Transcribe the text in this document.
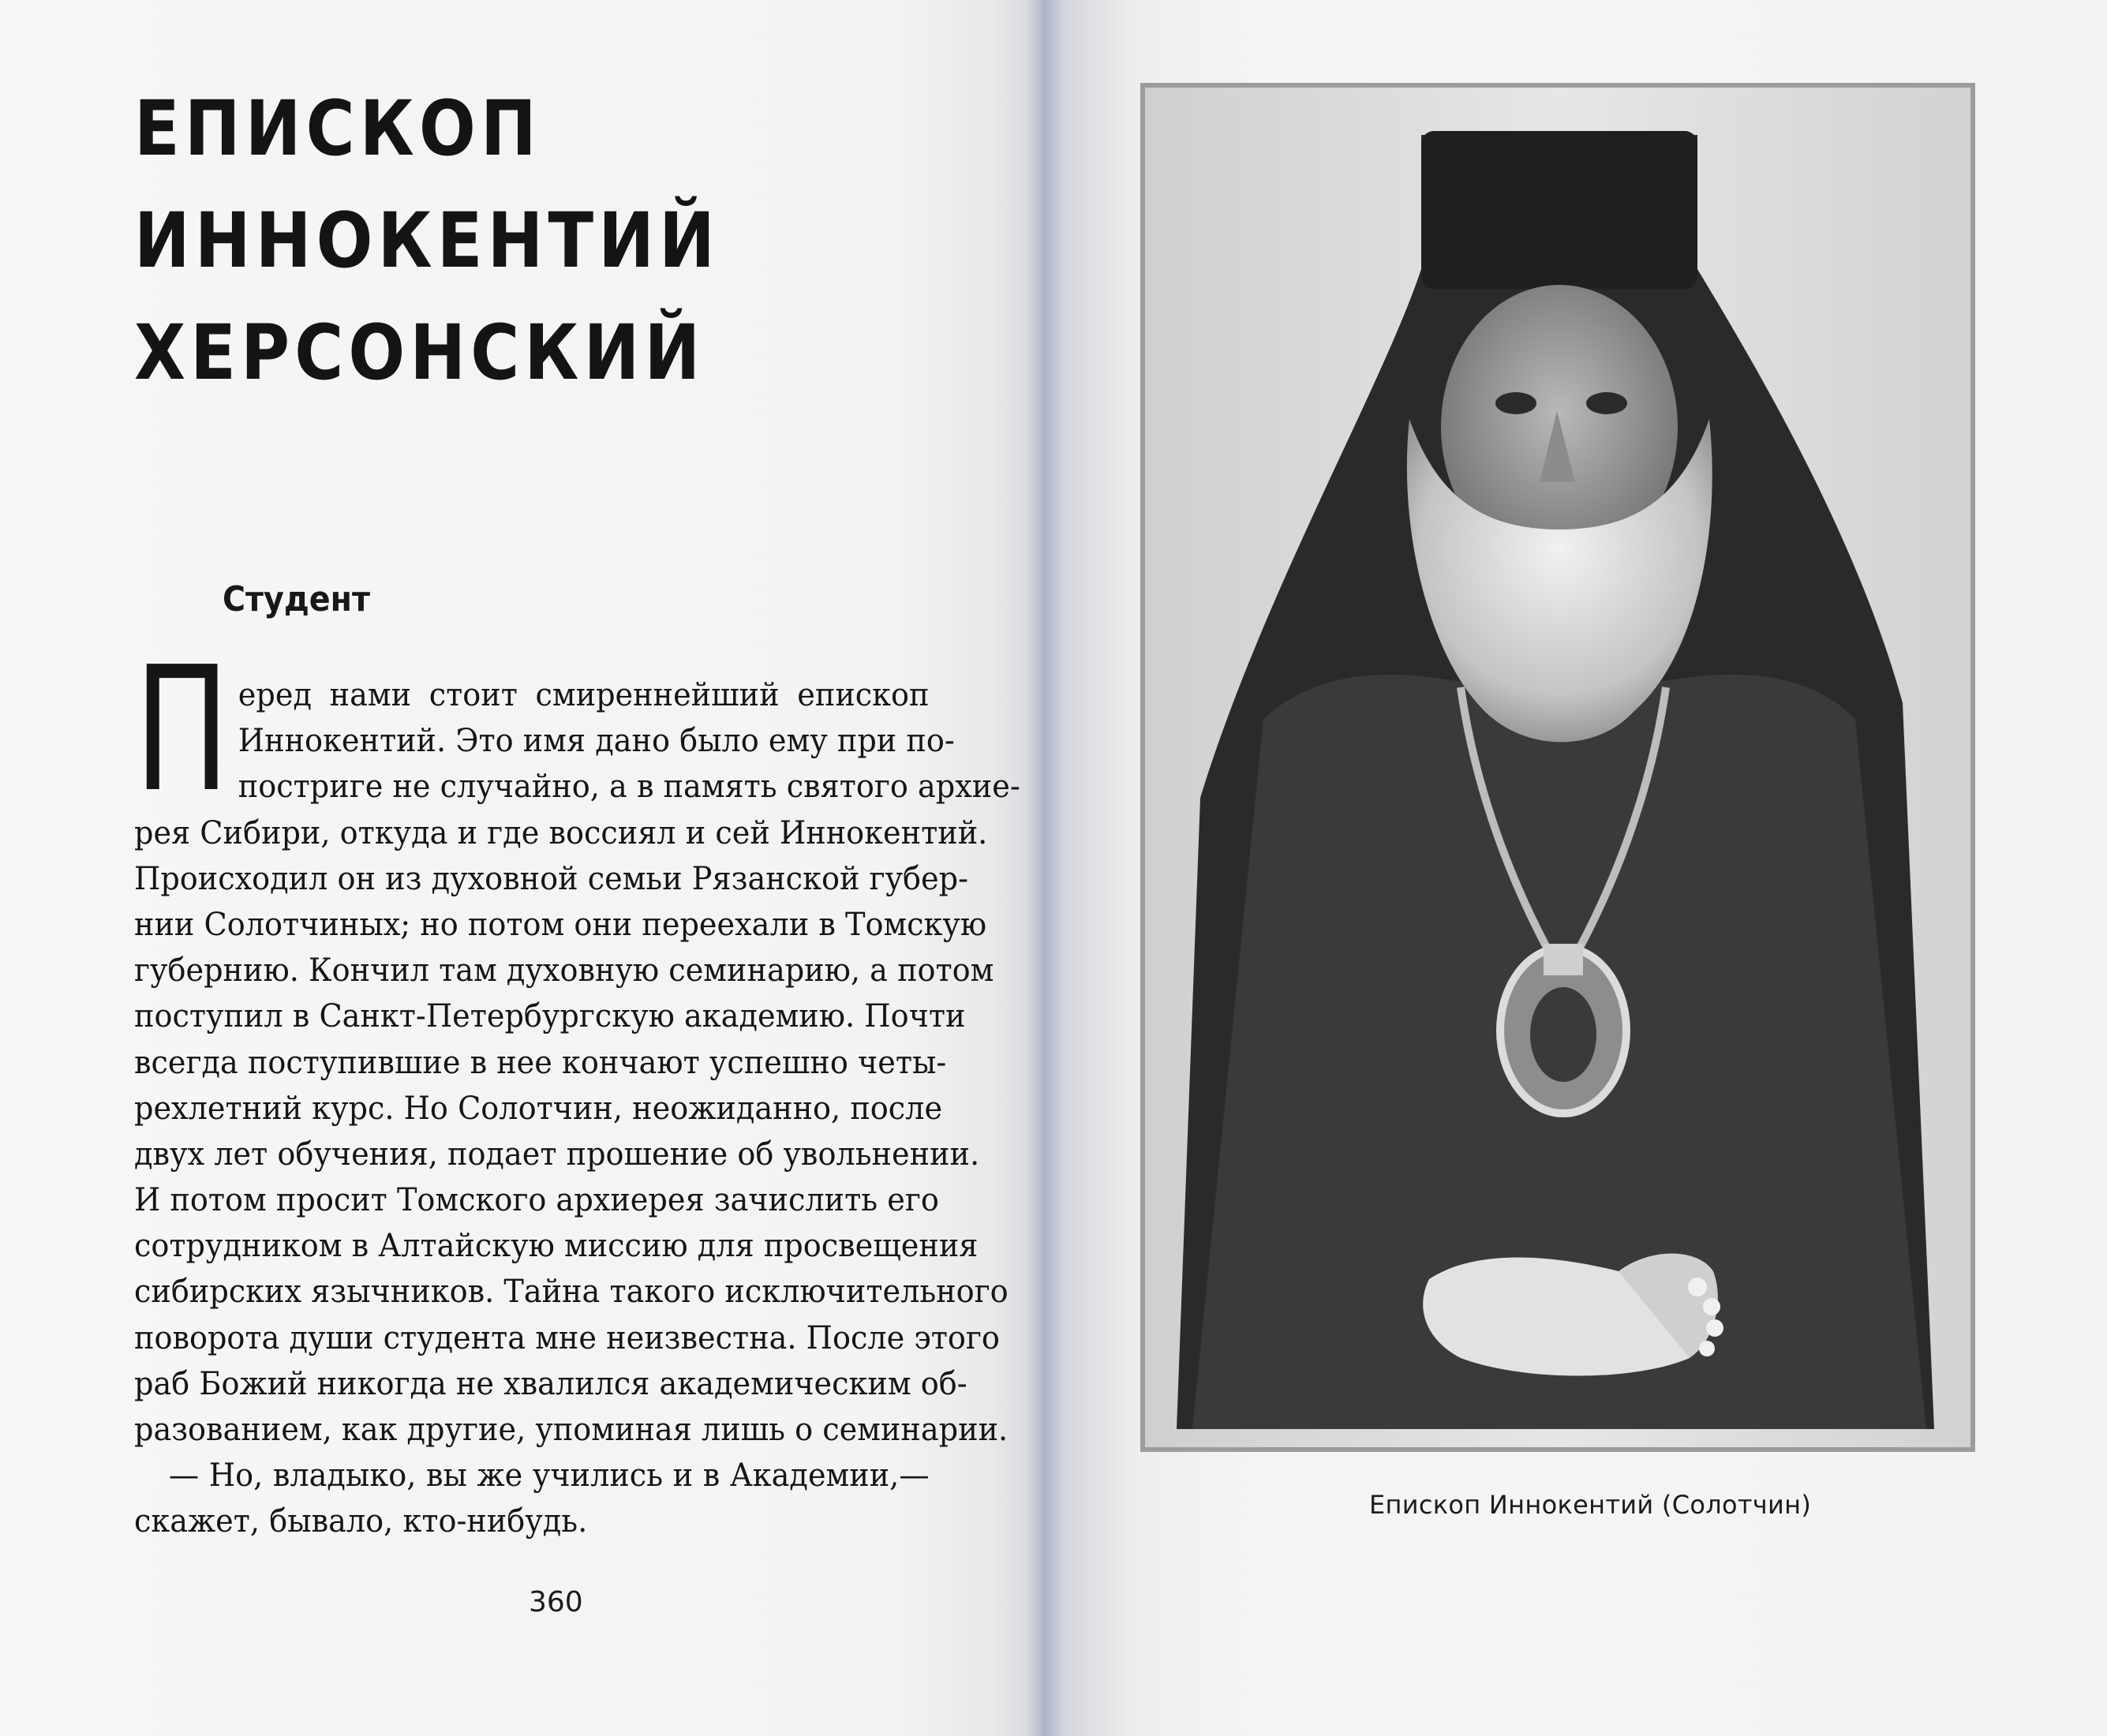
ЕПИСКОП ИННОКЕНТИЙ
ХЕРСОНСКИЙ
Студент
П еред нами стоит смиреннейший епископ
Иннокентий. Это имя дано было ему при по-
постриге не случайно, а в память святого архие-
рея Сибири, откуда и где воссиял и сей Иннокентий.
Происходил он из духовной семьи Рязанской губер-
нии Солотчиных; но потом они переехали в Томскую
губернию. Кончил там духовную семинарию, а потом
поступил в Санкт-Петербургскую академию. Почти
всегда поступившие в нее кончают успешно четы-
рехлетний курс. Но Солотчин, неожиданно, после
двух лет обучения, подает прошение об увольнении.
И потом просит Томского архиерея зачислить его
сотрудником в Алтайскую миссию для просвещения
сибирских язычников. Тайна такого исключительного
поворота души студента мне неизвестна. После этого
раб Божий никогда не хвалился академическим об-
разованием, как другие, упоминая лишь о семинарии.
— Но, владыко, вы же учились и в Академии,—
скажет, бывало, кто-нибудь.
360
Епископ Иннокентий (Солотчин)
